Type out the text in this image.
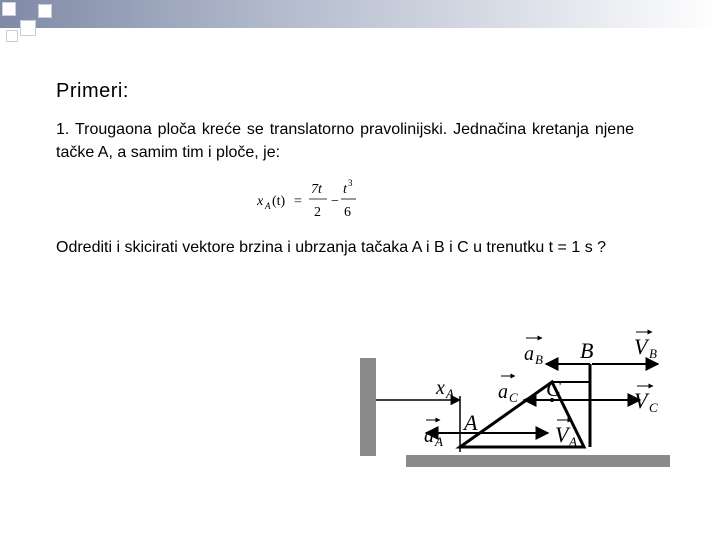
Primeri:
1. Trougaona ploča kreće se translatorno pravolinijski. Jednačina kretanja njene tačke A, a samim tim i ploče, je:
x A (t) =
7t
2
−
t 3
6
Odrediti i skicirati vektore brzina i ubrzanja tačaka A i B i C u trenutku t = 1 s ?
B
C
A
V B
a B
V C
a C
V A
a A
x A
